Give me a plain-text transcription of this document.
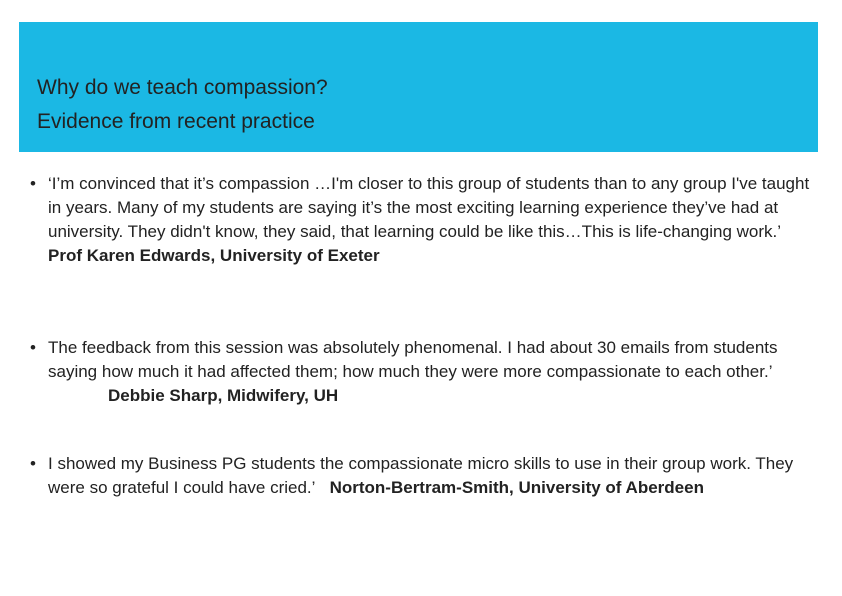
Why do we teach compassion?
Evidence from recent practice
• ‘I’m convinced that it’s compassion …I'm closer to this group of students than to any group I've taught in years. Many of my students are saying it’s the most exciting learning experience they’ve had at university. They didn't know, they said, that learning could be like this…This is life-changing work.’
Prof Karen Edwards, University of Exeter
• The feedback from this session was absolutely phenomenal. I had about 30 emails from students saying how much it had affected them; how much they were more compassionate to each other.’Debbie Sharp, Midwifery, UH
• I showed my Business PG students the compassionate micro skills to use in their group work. They were so grateful I could have cried.’ Norton-Bertram-Smith, University of Aberdeen
